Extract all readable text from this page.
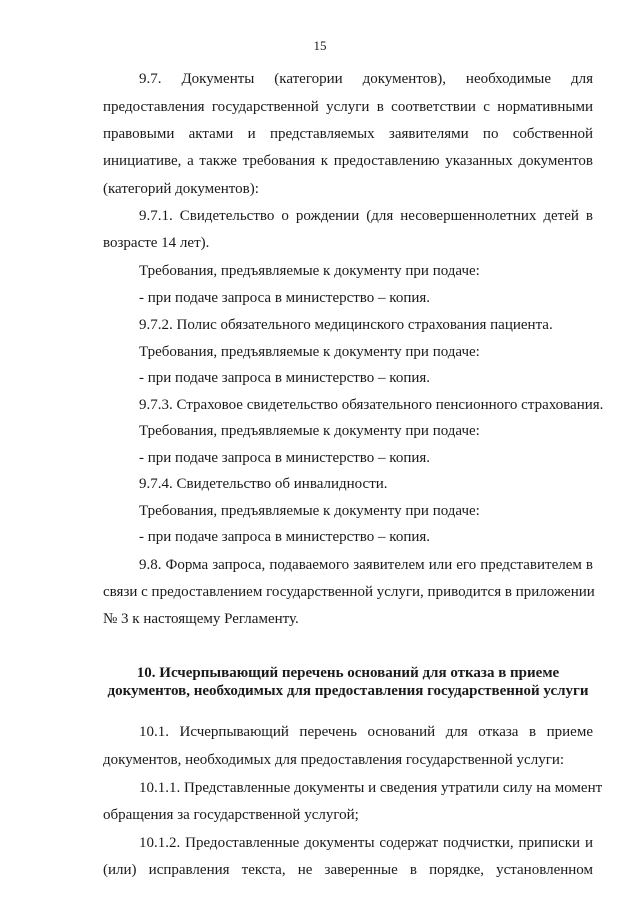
15
9.7. Документы (категории документов), необходимые для
предоставления государственной услуги в соответствии с нормативными
правовыми актами и представляемых заявителями по собственной
инициативе, а также требования к предоставлению указанных документов
(категорий документов):
9.7.1. Свидетельство о рождении (для несовершеннолетних детей в
возрасте 14 лет).
Требования, предъявляемые к документу при подаче:
- при подаче запроса в министерство – копия.
9.7.2. Полис обязательного медицинского страхования пациента.
Требования, предъявляемые к документу при подаче:
- при подаче запроса в министерство – копия.
9.7.3. Страховое свидетельство обязательного пенсионного страхования.
Требования, предъявляемые к документу при подаче:
- при подаче запроса в министерство – копия.
9.7.4. Свидетельство об инвалидности.
Требования, предъявляемые к документу при подаче:
- при подаче запроса в министерство – копия.
9.8. Форма запроса, подаваемого заявителем или его представителем в
связи с предоставлением государственной услуги, приводится в приложении
№ 3 к настоящему Регламенту.
10. Исчерпывающий перечень оснований для отказа в приеме
документов, необходимых для предоставления государственной услуги
10.1. Исчерпывающий перечень оснований для отказа в приеме
документов, необходимых для предоставления государственной услуги:
10.1.1. Представленные документы и сведения утратили силу на момент
обращения за государственной услугой;
10.1.2. Предоставленные документы содержат подчистки, приписки и
(или) исправления текста, не заверенные в порядке, установленном
